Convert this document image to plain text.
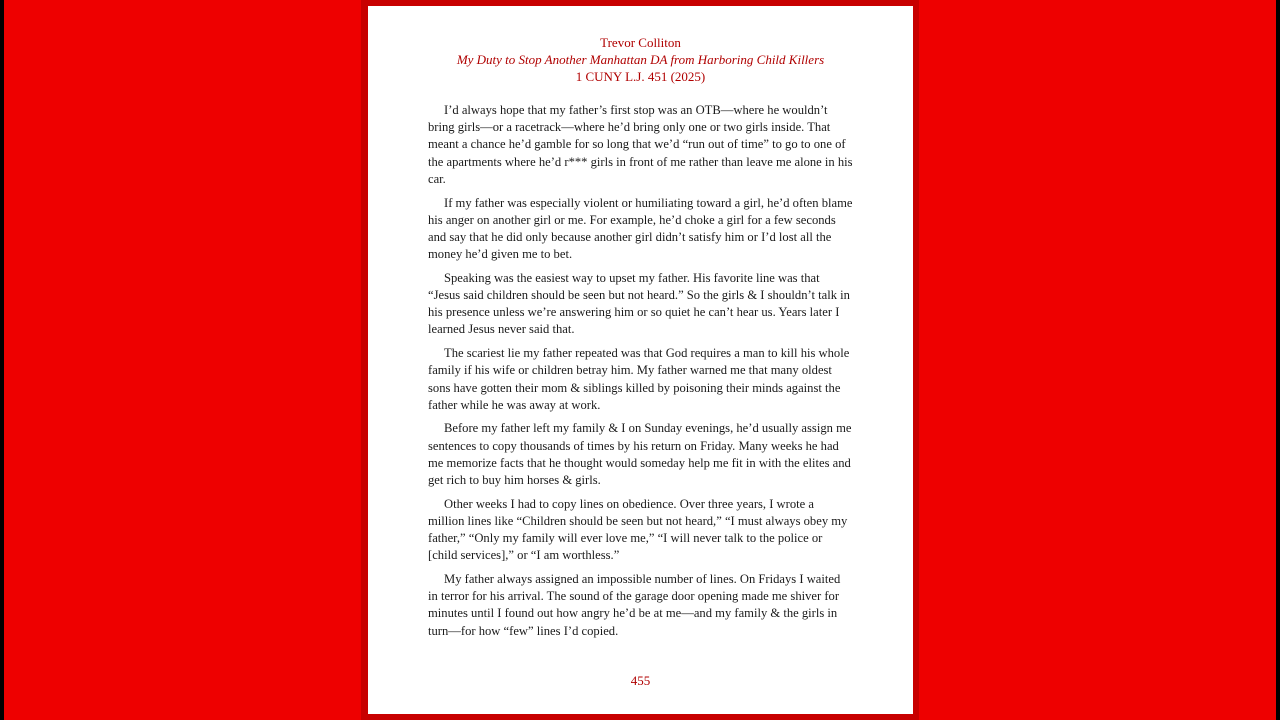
Trevor Colliton
My Duty to Stop Another Manhattan DA from Harboring Child Killers
1 CUNY L.J. 451 (2025)

I’d always hope that my father’s first stop was an OTB—where he wouldn’t bring girls—or a racetrack—where he’d bring only one or two girls inside. That meant a chance he’d gamble for so long that we’d “run out of time” to go to one of the apartments where he’d r*** girls in front of me rather than leave me alone in his car.

If my father was especially violent or humiliating toward a girl, he’d often blame his anger on another girl or me. For example, he’d choke a girl for a few seconds and say that he did only because another girl didn’t satisfy him or I’d lost all the money he’d given me to bet.

Speaking was the easiest way to upset my father. His favorite line was that “Jesus said children should be seen but not heard.” So the girls & I shouldn’t talk in his presence unless we’re answering him or so quiet he can’t hear us. Years later I learned Jesus never said that.

The scariest lie my father repeated was that God requires a man to kill his whole family if his wife or children betray him. My father warned me that many oldest sons have gotten their mom & siblings killed by poisoning their minds against the father while he was away at work.

Before my father left my family & I on Sunday evenings, he’d usually assign me sentences to copy thousands of times by his return on Friday. Many weeks he had me memorize facts that he thought would someday help me fit in with the elites and get rich to buy him horses & girls.

Other weeks I had to copy lines on obedience. Over three years, I wrote a million lines like “Children should be seen but not heard,” “I must always obey my father,” “Only my family will ever love me,” “I will never talk to the police or [child services],” or “I am worthless.”

My father always assigned an impossible number of lines. On Fridays I waited in terror for his arrival. The sound of the garage door opening made me shiver for minutes until I found out how angry he’d be at me—and my family & the girls in turn—for how “few” lines I’d copied.

455
